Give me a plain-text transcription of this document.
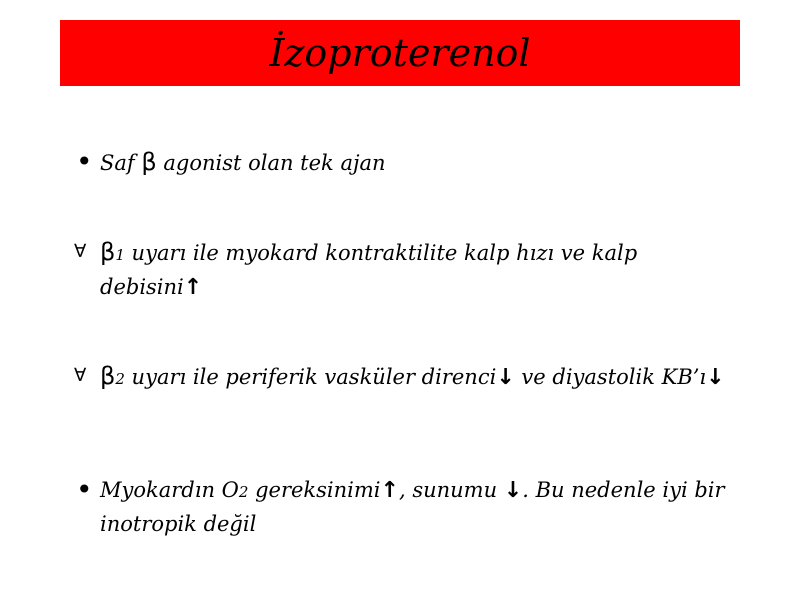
İzoproterenol
• Saf β agonist olan tek ajan
∀ β1 uyarı ile myokard kontraktilite kalp hızı ve kalp debisini↑
∀ β2 uyarı ile periferik vasküler direnci↓ ve diyastolik KB’ı↓
• Myokardın O2 gereksinimi↑, sunumu ↓. Bu nedenle iyi bir inotropik değil
